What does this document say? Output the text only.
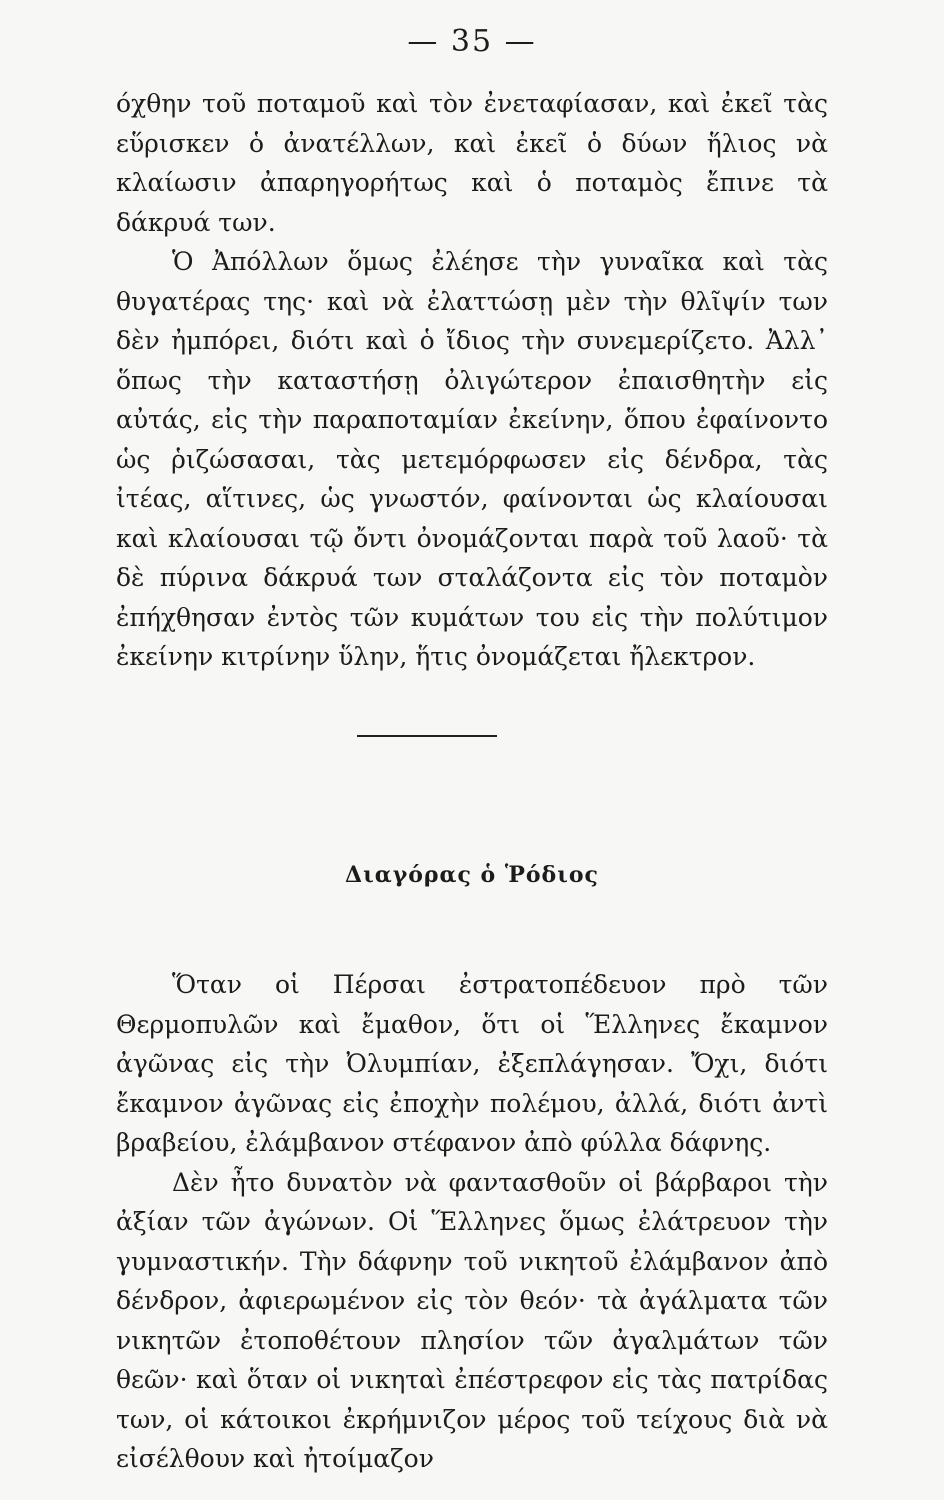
— 35 —

όχθην τοῦ ποταμοῦ καὶ τὸν ἐνεταφίασαν, καὶ ἐκεῖ τὰς εὕρισκεν ὁ ἀνατέλλων, καὶ ἐκεῖ ὁ δύων ἥλιος νὰ κλαίωσιν ἀπαρηγορήτως καὶ ὁ ποταμὸς ἔπινε τὰ δάκρυά των.

Ὁ Ἀπόλλων ὅμως ἐλέησε τὴν γυναῖκα καὶ τὰς θυγατέρας της· καὶ νὰ ἐλαττώσῃ μὲν τὴν θλῖψίν των δὲν ἠμπόρει, διότι καὶ ὁ ἴδιος τὴν συνεμερίζετο. Ἀλλ᾽ ὅπως τὴν καταστήσῃ ὀλιγώτερον ἐπαισθητὴν εἰς αὐτάς, εἰς τὴν παραποταμίαν ἐκείνην, ὅπου ἐφαίνοντο ὡς ῥιζώσασαι, τὰς μετεμόρφωσεν εἰς δένδρα, τὰς ἰτέας, αἵτινες, ὡς γνωστόν, φαίνονται ὡς κλαίουσαι καὶ κλαίουσαι τῷ ὄντι ὀνομάζονται παρὰ τοῦ λαοῦ· τὰ δὲ πύρινα δάκρυά των σταλάζοντα εἰς τὸν ποταμὸν ἐπήχθησαν ἐντὸς τῶν κυμάτων του εἰς τὴν πολύτιμον ἐκείνην κιτρίνην ὕλην, ἥτις ὀνομάζεται ἤλεκτρον.

Διαγόρας ὁ Ῥόδιος

Ὅταν οἱ Πέρσαι ἐστρατοπέδευον πρὸ τῶν Θερμοπυλῶν καὶ ἔμαθον, ὅτι οἱ Ἕλληνες ἔκαμνον ἀγῶνας εἰς τὴν Ὀλυμπίαν, ἐξεπλάγησαν. Ὄχι, διότι ἔκαμνον ἀγῶνας εἰς ἐποχὴν πολέμου, ἀλλά, διότι ἀντὶ βραβείου, ἐλάμβανον στέφανον ἀπὸ φύλλα δάφνης.

Δὲν ἦτο δυνατὸν νὰ φαντασθοῦν οἱ βάρβαροι τὴν ἀξίαν τῶν ἀγώνων. Οἱ Ἕλληνες ὅμως ἐλάτρευον τὴν γυμναστικήν. Τὴν δάφνην τοῦ νικητοῦ ἐλάμβανον ἀπὸ δένδρον, ἀφιερωμένον εἰς τὸν θεόν· τὰ ἀγάλματα τῶν νικητῶν ἐτοποθέτουν πλησίον τῶν ἀγαλμάτων τῶν θεῶν· καὶ ὅταν οἱ νικηταὶ ἐπέστρεφον εἰς τὰς πατρίδας των, οἱ κάτοικοι ἐκρήμνιζον μέρος τοῦ τείχους διὰ νὰ εἰσέλθουν καὶ ἠτοίμαζον
